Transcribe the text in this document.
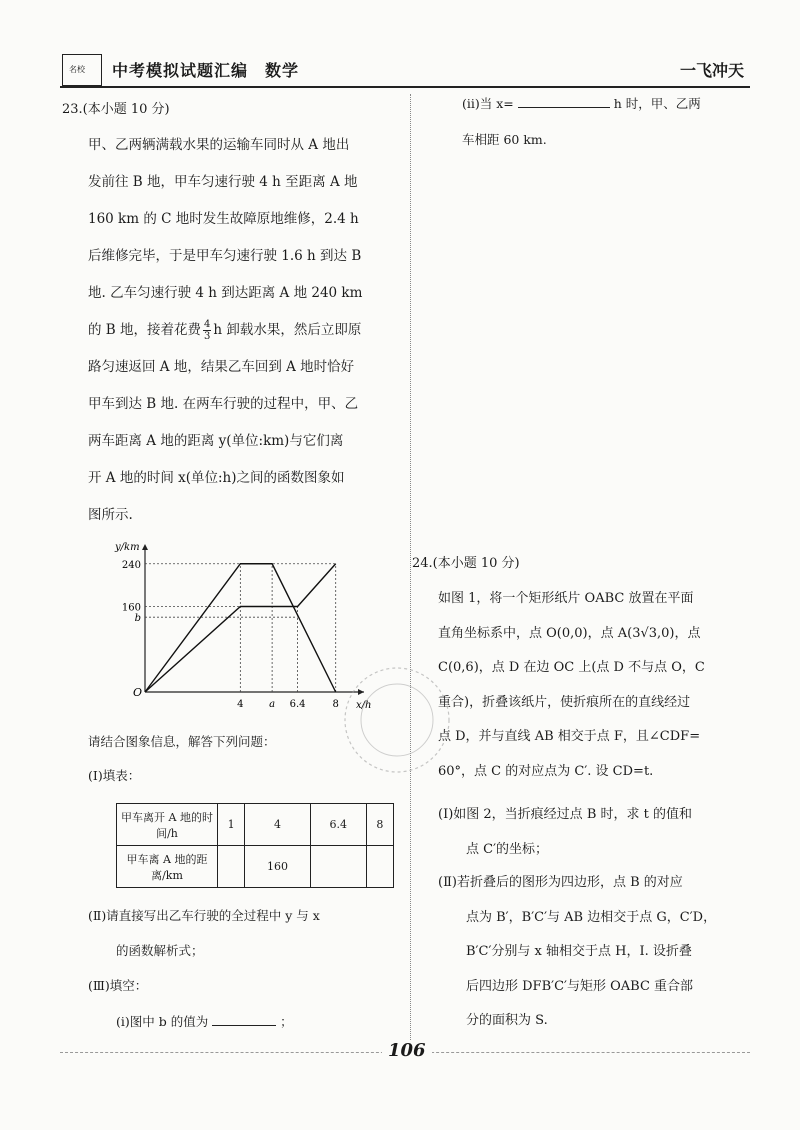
名校 中考模拟试题汇编　数学	一飞冲天
23.(本小题 10 分)
甲、乙两辆满载水果的运输车同时从 A 地出
发前往 B 地，甲车匀速行驶 4 h 至距离 A 地
160 km 的 C 地时发生故障原地维修，2.4 h
后维修完毕，于是甲车匀速行驶 1.6 h 到达 B
地. 乙车匀速行驶 4 h 到达距离 A 地 240 km
的 B 地，接着花费 $\frac{4}{3}$ h 卸载水果，然后立即原
路匀速返回 A 地，结果乙车回到 A 地时恰好
甲车到达 B 地. 在两车行驶的过程中，甲、乙
两车距离 A 地的距离 y(单位:km)与它们离
开 A 地的时间 x(单位:h)之间的函数图象如
图所示.
y/km
x/h
O
240
160
b
4	a 6.4	8
请结合图象信息，解答下列问题：
(Ⅰ)填表：
甲车离开 A 地的时间/h	1	4	6.4	8
甲车离 A 地的距离/km		160		
(Ⅱ)请直接写出乙车行驶的全过程中 y 与 x
的函数解析式；
(Ⅲ)填空：
(ⅰ)图中 b 的值为	；
(ⅱ)当 x=	h 时，甲、乙两
车相距 60 km.
24.(本小题 10 分)
如图 1，将一个矩形纸片 OABC 放置在平面
直角坐标系中，点 O(0,0)，点 A(3√3,0)，点
C(0,6)，点 D 在边 OC 上(点 D 不与点 O，C
重合)，折叠该纸片，使折痕所在的直线经过
点 D，并与直线 AB 相交于点 F，且∠CDF=
60°，点 C 的对应点为 C′. 设 CD=t.
(Ⅰ)如图 2，当折痕经过点 B 时，求 t 的值和
点 C′的坐标；
(Ⅱ)若折叠后的图形为四边形，点 B 的对应
点为 B′，B′C′与 AB 边相交于点 G，C′D，
B′C′分别与 x 轴相交于点 H，I. 设折叠
后四边形 DFB′C′与矩形 OABC 重合部
分的面积为 S.
106
